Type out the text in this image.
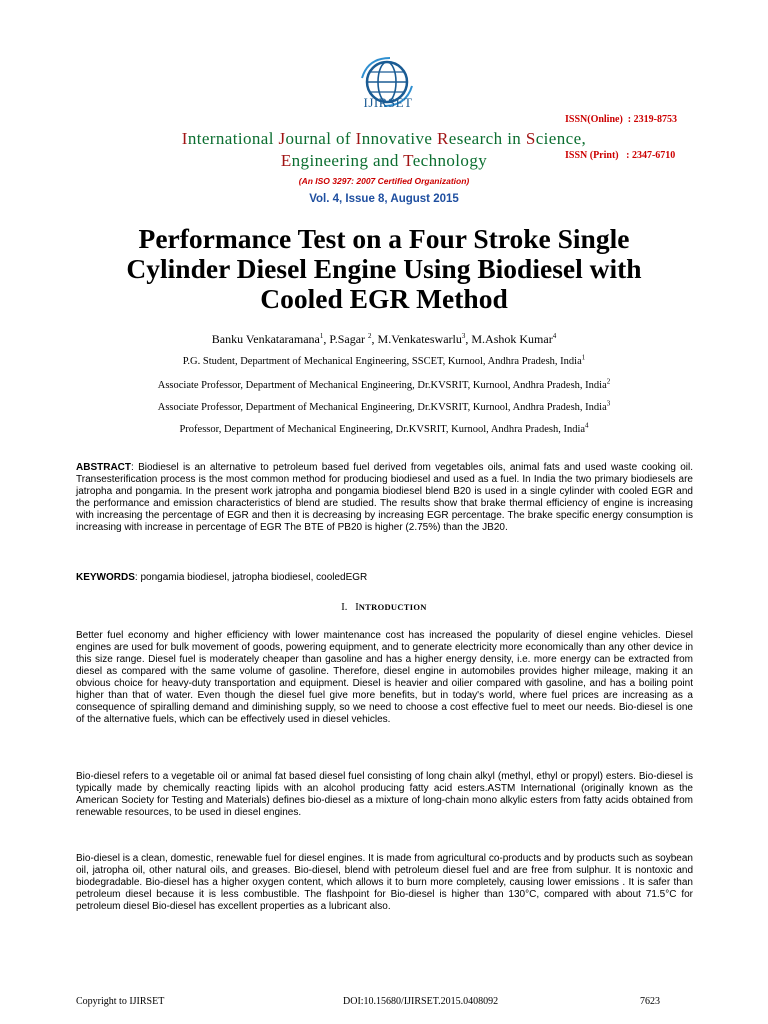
IJIRSET

ISSN(Online)  : 2319-8753

ISSN (Print)   : 2347-6710

International Journal of Innovative Research in Science,
Engineering and Technology
(An ISO 3297: 2007 Certified Organization)
Vol. 4, Issue 8, August 2015
Performance Test on a Four Stroke Single
Cylinder Diesel Engine Using Biodiesel with
Cooled EGR Method
Banku Venkataramana$^1$, P.Sagar $^2$, M.Venkateswarlu$^3$, M.Ashok Kumar$^4$
P.G. Student, Department of Mechanical Engineering, SSCET, Kurnool, Andhra Pradesh, India$^1$
Associate Professor, Department of Mechanical Engineering, Dr.KVSRIT, Kurnool, Andhra Pradesh, India$^2$
Associate Professor, Department of Mechanical Engineering, Dr.KVSRIT, Kurnool, Andhra Pradesh, India$^3$
Professor, Department of Mechanical Engineering, Dr.KVSRIT, Kurnool, Andhra Pradesh, India$^4$
ABSTRACT: Biodiesel is an alternative to petroleum based fuel derived from vegetables oils, animal fats and used waste cooking oil. Transesterification process is the most common method for producing biodiesel and used as a fuel. In India the two primary biodiesels are jatropha and pongamia. In the present work jatropha and pongamia biodiesel blend B20 is used in a single cylinder with cooled EGR and the performance and emission characteristics of blend are studied. The results show that brake thermal efficiency of engine is increasing with increasing the percentage of EGR and then it is decreasing by increasing EGR percentage. The brake specific energy consumption is increasing with increase in percentage of EGR The BTE of PB20 is higher (2.75%) than the JB20.
KEYWORDS: pongamia biodiesel, jatropha biodiesel, cooledEGR
I. INTRODUCTION
Better fuel economy and higher efficiency with lower maintenance cost has increased the popularity of diesel engine vehicles. Diesel engines are used for bulk movement of goods, powering equipment, and to generate electricity more economically than any other device in this size range. Diesel fuel is moderately cheaper than gasoline and has a higher energy density, i.e. more energy can be extracted from diesel as compared with the same volume of gasoline. Therefore, diesel engine in automobiles provides higher mileage, making it an obvious choice for heavy-duty transportation and equipment. Diesel is heavier and oilier compared with gasoline, and has a boiling point higher than that of water. Even though the diesel fuel give more benefits, but in today's world, where fuel prices are increasing as a consequence of spiralling demand and diminishing supply, so we need to choose a cost effective fuel to meet our needs. Bio-diesel is one of the alternative fuels, which can be effectively used in diesel vehicles.
Bio-diesel refers to a vegetable oil or animal fat based diesel fuel consisting of long chain alkyl (methyl, ethyl or propyl) esters. Bio-diesel is typically made by chemically reacting lipids with an alcohol producing fatty acid esters.ASTM International (originally known as the American Society for Testing and Materials) defines bio-diesel as a mixture of long-chain mono alkylic esters from fatty acids obtained from renewable resources, to be used in diesel engines.
Bio-diesel is a clean, domestic, renewable fuel for diesel engines. It is made from agricultural co-products and by products such as soybean oil, jatropha oil, other natural oils, and greases. Bio-diesel, blend with petroleum diesel fuel and are free from sulphur. It is nontoxic and biodegradable. Bio-diesel has a higher oxygen content, which allows it to burn more completely, causing lower emissions . It is safer than petroleum diesel because it is less combustible. The flashpoint for Bio-diesel is higher than 130°C, compared with about 71.5°C for petroleum diesel Bio-diesel has excellent properties as a lubricant also.
Copyright to IJIRSET	DOI:10.15680/IJIRSET.2015.0408092	7623
